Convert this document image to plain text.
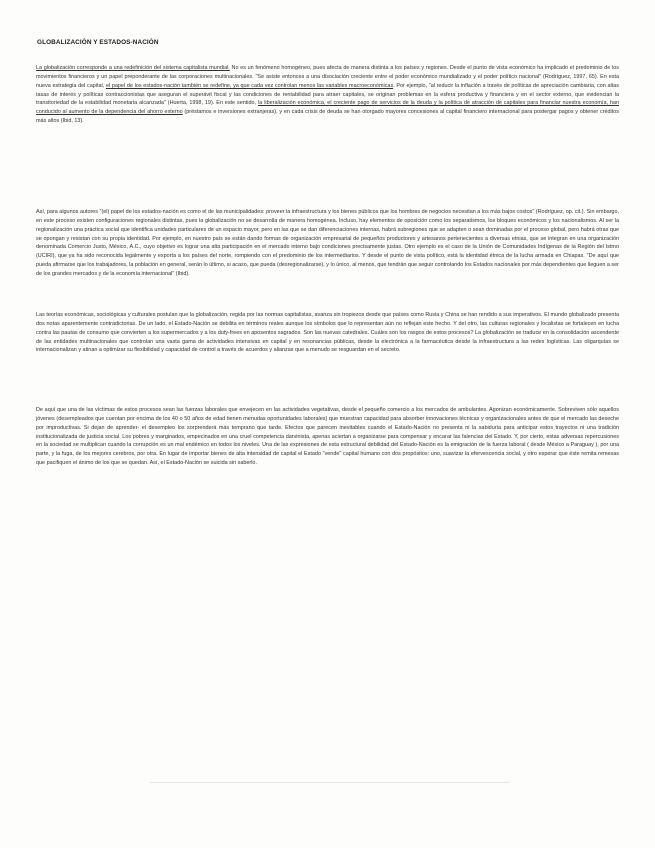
GLOBALIZACIÓN Y ESTADOS-NACIÓN
La globalización corresponde a una redefinición del sistema capitalista mundial. No es un fenómeno homogéneo, pues afecta de manera distinta a los países y regiones. Desde el punto de vista económico ha implicado el predominio de los movimientos financieros y un papel preponderante de las corporaciones multinacionales. "Se asiste entonces a una disociación creciente entre el poder económico mundializado y el poder político nacional" (Rodríguez, 1997, 65). En esta nueva estrategia del capital, el papel de los estados-nación también se redefine, ya que cada vez controlan menos las variables macroeconómicas. Por ejemplo, "al reducir la inflación a través de políticas de apreciación cambiaria, con altas tasas de interés y políticas contraccionistas que aseguran el superávit fiscal y las condiciones de rentabilidad para atraer capitales, se originan problemas en la esfera productiva y financiera y en el sector externo, que evidencian la transitoriedad de la estabilidad monetaria alcanzada" (Huerta, 1998, 19). En este sentido, la liberalización económica, el creciente pago de servicios de la deuda y la política de atracción de capitales para financiar nuestra economía, han conducido al aumento de la dependencia del ahorro externo (préstamos e inversiones extranjeras), y en cada crisis de deuda se han otorgado mayores concesiones al capital financiero internacional para postergar pagos y obtener créditos más altos (Ibid, 13).
Así, para algunos autores "(el) papel de los estados-nación es como el de las municipalidades: proveer la infraestructura y los bienes públicos que los hombres de negocios necesitan a los más bajos costos" (Rodríguez, op. cit.). Sin embargo, en este proceso existen configuraciones regionales distintas, pues la globalización no se desarrolla de manera homogénea. Incluso, hay elementos de oposición como los separatismos, los bloques económicos y los nacionalismos. Al ser la regionalización una práctica social que identifica unidades particulares de un espacio mayor, pero en las que se dan diferenciaciones internas, habrá subregiones que se adapten o sean dominadas por el proceso global, pero habrá otras que se opongan y resistan con su propia identidad. Por ejemplo, en nuestro país se están dando formas de organización empresarial de pequeños productores y artesanos pertenecientes a diversas etnias, que se integran en una organización denominada Comercio Justo, México, A.C., cuyo objetivo es lograr una alta participación en el mercado interno bajo condiciones precisamente justas. Otro ejemplo es el caso de la Unión de Comunidades Indígenas de la Región del Istmo (UCIRI), que ya ha sido reconocida legalmente y exporta a los países del norte, rompiendo con el predominio de los intermediarios. Y desde el punto de vista político, está la identidad étnica de la lucha armada en Chiapas. "De aquí que pueda afirmarse que los trabajadores, la población en general, serán lo último, si acaso, que pueda (desregionalizarse), y lo único, al menos, que tendrán que seguir controlando los Estados nacionales por más dependientes que lleguen a ser de los grandes mercados y de la economía internacional" (Ibid).
Las teorías económicas, sociológicas y culturales postulan que la globalización, regida por las normas capitalistas, avanza sin tropiezos desde que países como Rusia y China se han rendido a sus imperativos. El mundo globalizado presenta dos notas aparentemente contradictorias. De un lado, el Estado-Nación se debilita en términos reales aunque los símbolos que lo representan aún no reflejan este hecho. Y del otro, las culturas regionales y localistas se fortalecen en lucha contra las pautas de consumo que convierten a los supermercados y a los duty-frees en aposentos sagrados. Son las nuevas catedrales. Cuáles son los rasgos de estos procesos? La globalización se traduce en la consolidación ascendente de las entidades multinacionales que controlan una vasta gama de actividades intensivas en capital y en resonancias públicas, desde la electrónica a la farmacéutica desde la infraestructura a las redes logísticas. Las oligarquías se internacionalizan y atinan a optimizar su flexibilidad y capacidad de control a través de acuerdos y alianzas que a menudo se resguardan en el secreto.
De aquí que una de las víctimas de estos procesos sean las fuerzas laborales que envejecen en las actividades vegetativas, desde el pequeño comercio a los mercados de ambulantes. Agonizan económicamente. Sobreviven sólo aquellos jóvenes (desempleados que cuentan por encima de los 40 o 50 años de edad tienen menudas oportunidades laborales) que muestran capacidad para absorber innovaciones técnicas y organizacionales antes de que el mercado las deseche por improductivas. Si dejan de aprender- el desempleo los sorprenderá más temprano que tarde. Efectos que parecen inevitables cuando el Estado-Nación no presenta ni la sabiduría para anticipar estos trayectos ni una tradición institucionalizada de justicia social. Los pobres y marginados, empecinados en una cruel competencia darvinista, apenas aciertan a organizarse para compensar y encarar las falencias del Estado. Y, por cierto, estas adversas repercusiones en la sociedad se multiplican cuando la corrupción es un mal endémico en todos los niveles. Una de las expresiones de esta estructural debilidad del Estado-Nación es la emigración de la fuerza laboral ( desde México a Paraguay ), por una parte, y la fuga, de los mejores cerebros, por otra. En lugar de importar bienes de alta intensidad de capital el Estado "vende" capital humano con dos propósitos: uno, suavizar la efervescencia social, y otro esperar que éste remita remesas que pacifiquen el ánimo de los que se quedan. Así, el Estado-Nación se suicida sin saberlo.
